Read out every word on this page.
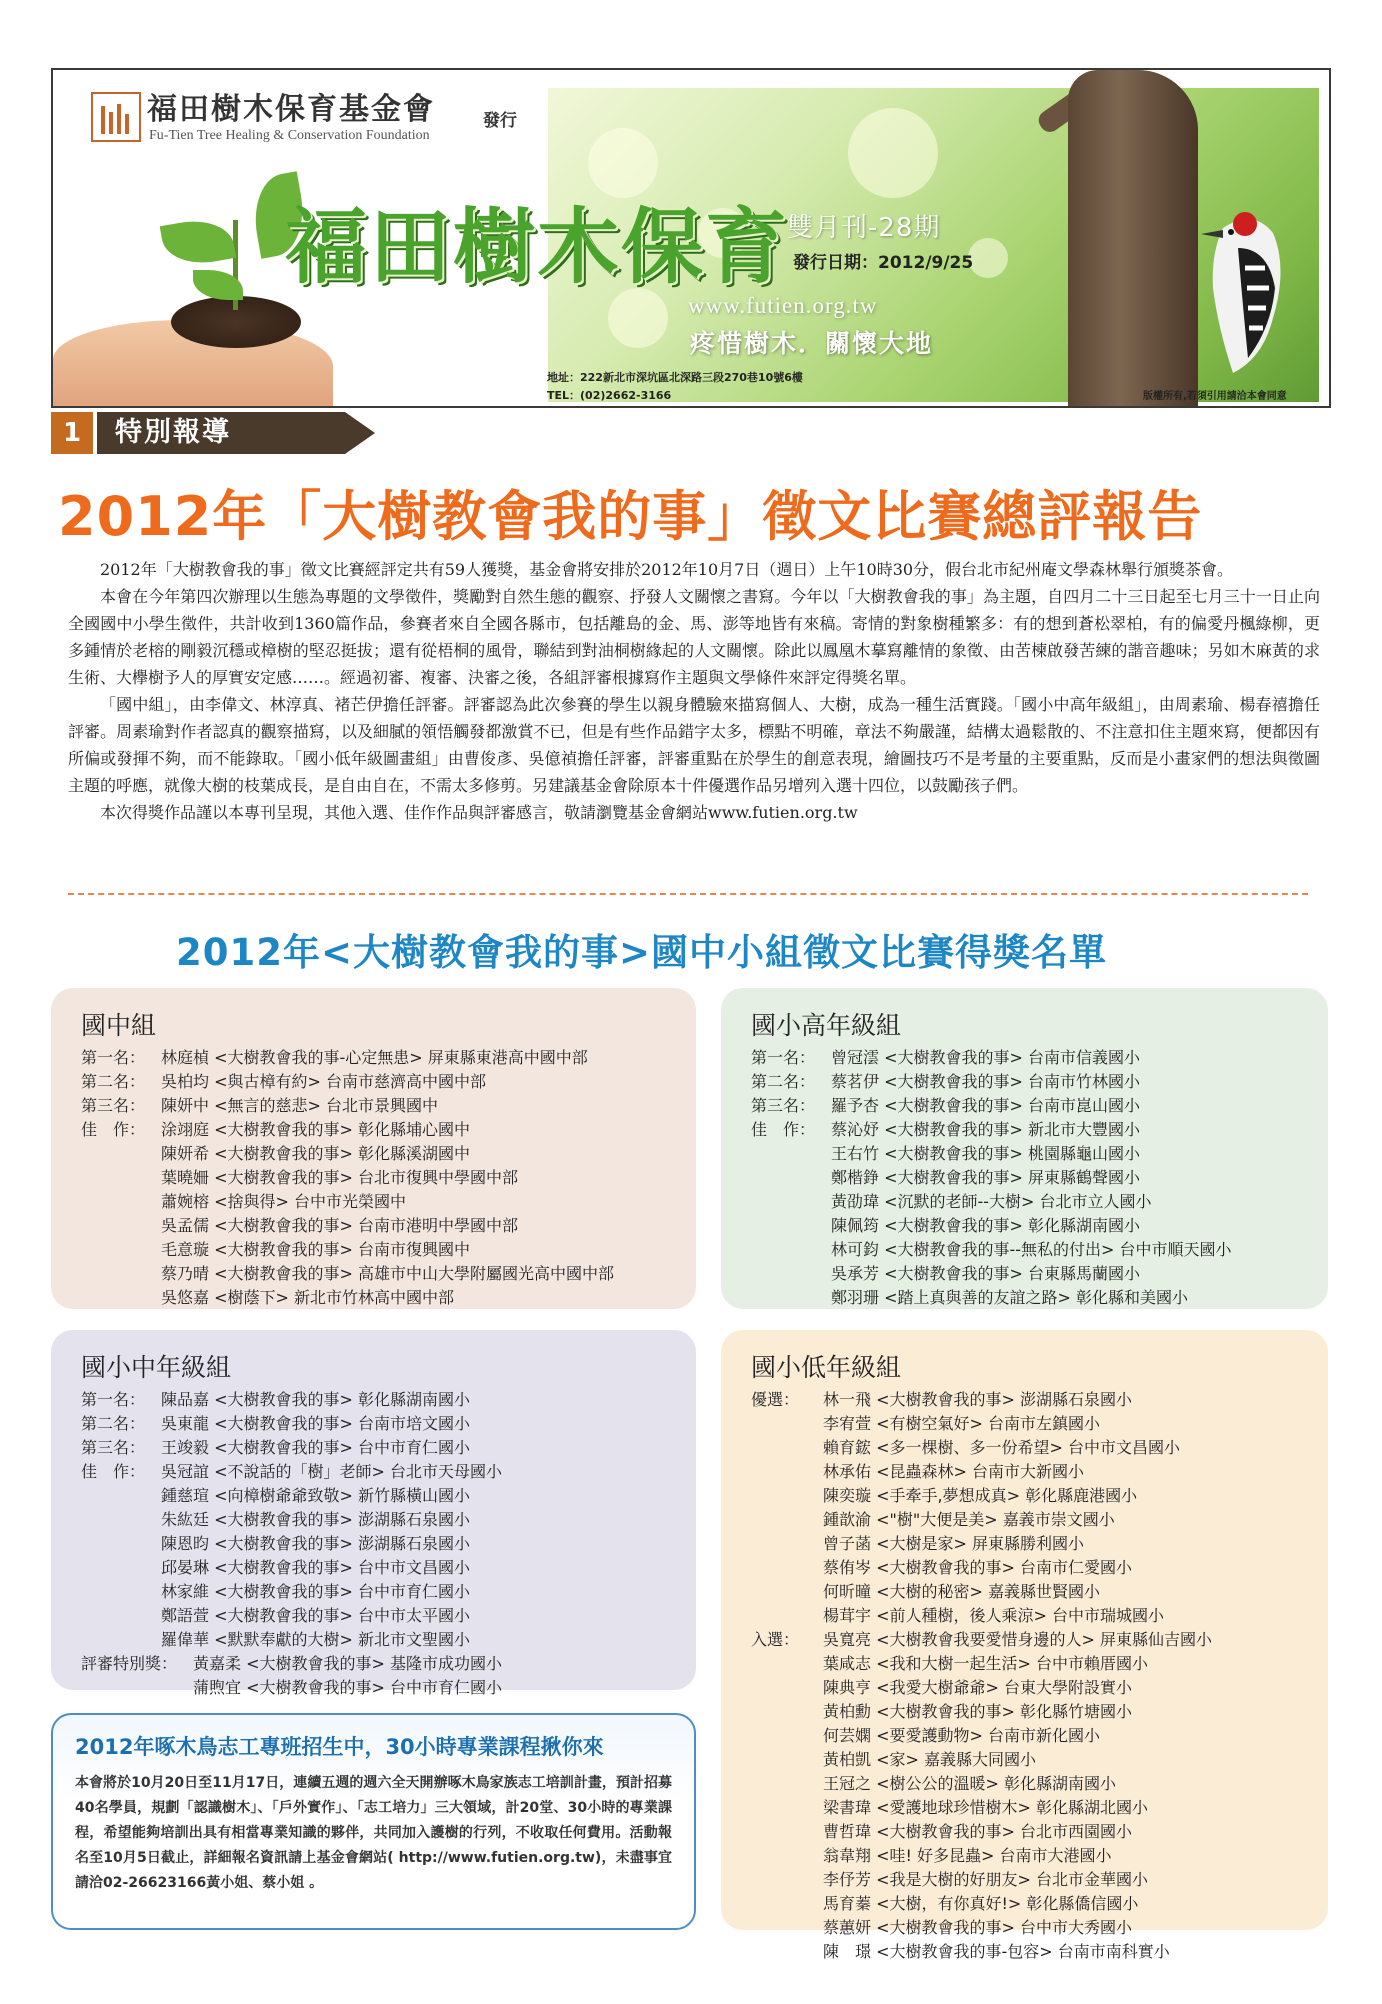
福田樹木保育基金會
Fu-Tien Tree Healing & Conservation Foundation
發行
福田樹木保育
雙月刊-28期
發行日期：2012/9/25
www.futien.org.tw
疼惜樹木．關懷大地
地址：222新北市深坑區北深路三段270巷10號6樓
TEL：(02)2662-3166	版權所有,若須引用請洽本會同意
1	特別報導
2012年「大樹教會我的事」徵文比賽總評報告

2012年「大樹教會我的事」徵文比賽經評定共有59人獲獎，基金會將安排於2012年10月7日（週日）上午10時30分，假台北市紀州庵文學森林舉行頒獎茶會。

本會在今年第四次辦理以生態為專題的文學徵件，獎勵對自然生態的觀察、抒發人文關懷之書寫。今年以「大樹教會我的事」為主題，自四月二十三日起至七月三十一日止向全國國中小學生徵件，共計收到1360篇作品，參賽者來自全國各縣市，包括離島的金、馬、澎等地皆有來稿。寄情的對象樹種繁多：有的想到蒼松翠柏，有的偏愛丹楓綠柳，更多鍾情於老榕的剛毅沉穩或樟樹的堅忍挺拔；還有從梧桐的風骨，聯結到對油桐樹緣起的人文關懷。除此以鳳凰木摹寫離情的象徵、由苦楝啟發苦練的諧音趣味；另如木麻黃的求生術、大欅樹予人的厚實安定感……。經過初審、複審、決審之後，各組評審根據寫作主題與文學條件來評定得獎名單。

「國中組」，由李偉文、林淳真、褚芒伊擔任評審。評審認為此次參賽的學生以親身體驗來描寫個人、大樹，成為一種生活實踐。「國小中高年級組」，由周素瑜、楊春禧擔任評審。周素瑜對作者認真的觀察描寫，以及細膩的領悟觸發都激賞不已，但是有些作品錯字太多，標點不明確，章法不夠嚴謹，結構太過鬆散的、不注意扣住主題來寫，便都因有所偏或發揮不夠，而不能錄取。「國小低年級圖畫組」由曹俊彥、吳億禎擔任評審，評審重點在於學生的創意表現，繪圖技巧不是考量的主要重點，反而是小畫家們的想法與徵圖主題的呼應，就像大樹的枝葉成長，是自由自在，不需太多修剪。另建議基金會除原本十件優選作品另增列入選十四位，以鼓勵孩子們。

本次得獎作品謹以本專刊呈現，其他入選、佳作作品與評審感言，敬請瀏覽基金會網站www.futien.org.tw

2012年<大樹教會我的事>國中小組徵文比賽得獎名單
國中組
第一名： 林庭楨 <大樹教會我的事-心定無患> 屏東縣東港高中國中部
第二名： 吳柏均 <與古樟有約> 台南市慈濟高中國中部
第三名： 陳妍中 <無言的慈悲> 台北市景興國中
佳　作： 涂翊庭 <大樹教會我的事> 彰化縣埔心國中
陳妍希 <大樹教會我的事> 彰化縣溪湖國中
葉曉姍 <大樹教會我的事> 台北市復興中學國中部
蕭婉榕 <捨與得> 台中市光榮國中
吳孟儒 <大樹教會我的事> 台南市港明中學國中部
毛意璇 <大樹教會我的事> 台南市復興國中
蔡乃晴 <大樹教會我的事> 高雄市中山大學附屬國光高中國中部
吳悠嘉 <樹蔭下> 新北市竹林高中國中部
國小高年級組
第一名： 曾冠澐 <大樹教會我的事> 台南市信義國小
第二名： 蔡茗伊 <大樹教會我的事> 台南市竹林國小
第三名： 羅予杏 <大樹教會我的事> 台南市崑山國小
佳　作： 蔡沁妤 <大樹教會我的事> 新北市大豐國小
王右竹 <大樹教會我的事> 桃園縣龜山國小
鄭楷錚 <大樹教會我的事> 屏東縣鶴聲國小
黃劭瑋 <沉默的老師--大樹> 台北市立人國小
陳佩筠 <大樹教會我的事> 彰化縣湖南國小
林可鈞 <大樹教會我的事--無私的付出> 台中市順天國小
吳承芳 <大樹教會我的事> 台東縣馬蘭國小
鄭羽珊 <踏上真與善的友誼之路> 彰化縣和美國小
國小中年級組
第一名： 陳品嘉 <大樹教會我的事> 彰化縣湖南國小
第二名： 吳東龍 <大樹教會我的事> 台南市培文國小
第三名： 王竣毅 <大樹教會我的事> 台中市育仁國小
佳　作： 吳冠誼 <不說話的「樹」老師> 台北市天母國小
鍾慈瑄 <向樟樹爺爺致敬> 新竹縣橫山國小
朱紘廷 <大樹教會我的事> 澎湖縣石泉國小
陳恩昀 <大樹教會我的事> 澎湖縣石泉國小
邱晏琳 <大樹教會我的事> 台中市文昌國小
林家維 <大樹教會我的事> 台中市育仁國小
鄭語萱 <大樹教會我的事> 台中市太平國小
羅偉華 <默默奉獻的大樹> 新北市文聖國小
評審特別獎： 黃嘉柔 <大樹教會我的事> 基隆市成功國小
蒲煦宜 <大樹教會我的事> 台中市育仁國小
國小低年級組
優選： 林一飛 <大樹教會我的事> 澎湖縣石泉國小
李宥萱 <有樹空氣好> 台南市左鎮國小
賴育鋐 <多一棵樹、多一份希望> 台中市文昌國小
林承佑 <昆蟲森林> 台南市大新國小
陳奕璇 <手牽手,夢想成真> 彰化縣鹿港國小
鍾歆渝 <"樹"大便是美> 嘉義市崇文國小
曾子菡 <大樹是家> 屏東縣勝利國小
蔡侑岑 <大樹教會我的事> 台南市仁愛國小
何昕曈 <大樹的秘密> 嘉義縣世賢國小
楊茸宇 <前人種樹，後人乘涼> 台中市瑞城國小
入選： 吳寬亮 <大樹教會我要愛惜身邊的人> 屏東縣仙吉國小
葉咸志 <我和大樹一起生活> 台中市賴厝國小
陳典亨 <我愛大樹爺爺> 台東大學附設實小
黃柏勳 <大樹教會我的事> 彰化縣竹塘國小
何芸嫻 <要愛護動物> 台南市新化國小
黃柏凱 <家> 嘉義縣大同國小
王冠之 <樹公公的溫暖> 彰化縣湖南國小
梁書瑋 <愛護地球珍惜樹木> 彰化縣湖北國小
曹哲瑋 <大樹教會我的事> 台北市西園國小
翁韋翔 <哇! 好多昆蟲> 台南市大港國小
李伃芳 <我是大樹的好朋友> 台北市金華國小
馬育蓁 <大樹，有你真好!> 彰化縣僑信國小
蔡蕙妍 <大樹教會我的事> 台中市大秀國小
陳　璟 <大樹教會我的事-包容> 台南市南科實小
2012年啄木鳥志工專班招生中，30小時專業課程揪你來

本會將於10月20日至11月17日，連續五週的週六全天開辦啄木鳥家族志工培訓計畫，預計招募40名學員，規劃「認識樹木」、「戶外實作」、「志工培力」三大領域，計20堂、30小時的專業課程，希望能夠培訓出具有相當專業知識的夥伴，共同加入護樹的行列，不收取任何費用。活動報名至10月5日截止，詳細報名資訊請上基金會網站( http://www.futien.org.tw)，未盡事宜請洽02-26623166黃小姐、蔡小姐 。
